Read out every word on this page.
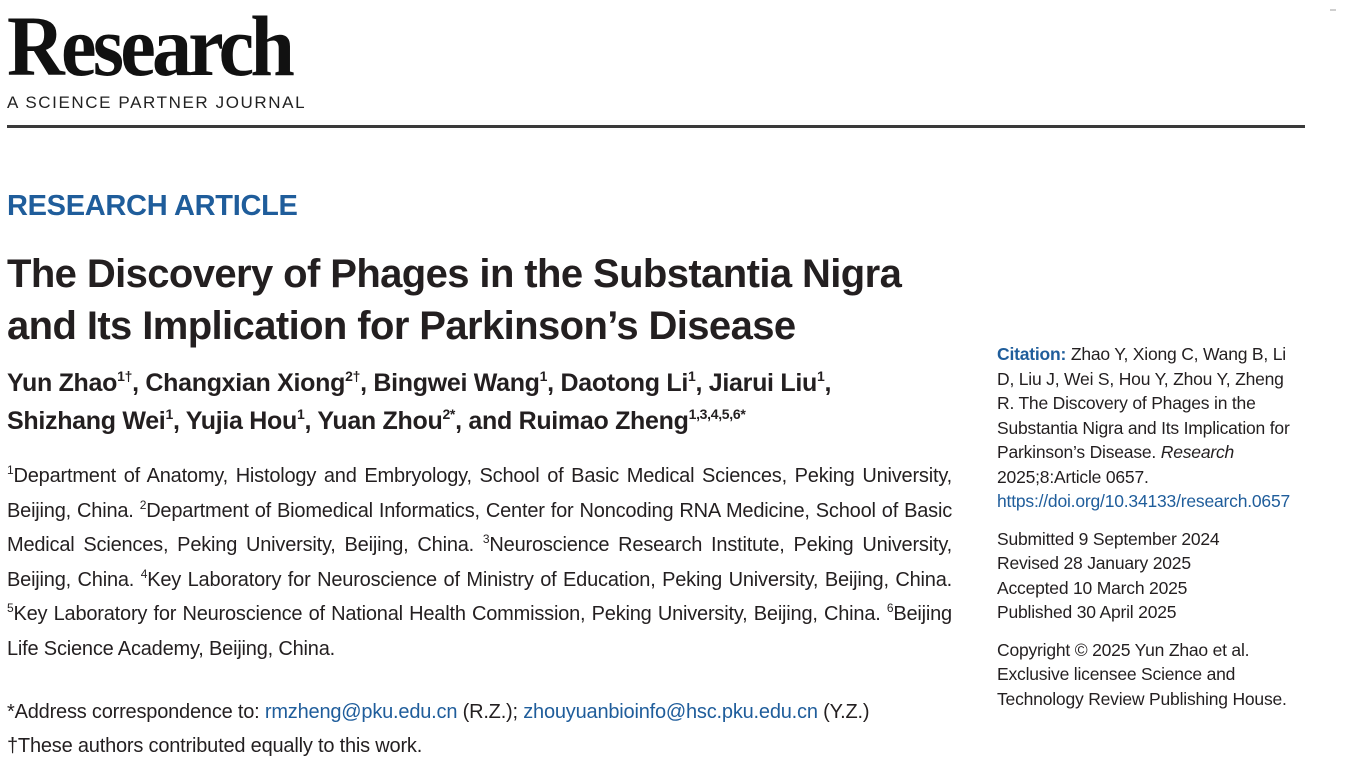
Research
A SCIENCE PARTNER JOURNAL
RESEARCH ARTICLE
The Discovery of Phages in the Substantia Nigra and Its Implication for Parkinson’s Disease
Yun Zhao$^{1\dagger}$, Changxian Xiong$^{2\dagger}$, Bingwei Wang$^1$, Daotong Li$^1$, Jiarui Liu$^1$,
Shizhang Wei$^1$, Yujia Hou$^1$, Yuan Zhou$^{2*}$, and Ruimao Zheng$^{1,3,4,5,6*}$
$^1$Department of Anatomy, Histology and Embryology, School of Basic Medical Sciences, Peking University, Beijing, China. $^2$Department of Biomedical Informatics, Center for Noncoding RNA Medicine, School of Basic Medical Sciences, Peking University, Beijing, China. $^3$Neuroscience Research Institute, Peking University, Beijing, China. $^4$Key Laboratory for Neuroscience of Ministry of Education, Peking University, Beijing, China. $^5$Key Laboratory for Neuroscience of National Health Commission, Peking University, Beijing, China. $^6$Beijing Life Science Academy, Beijing, China.
*Address correspondence to: rmzheng@pku.edu.cn (R.Z.); zhouyuanbioinfo@hsc.pku.edu.cn (Y.Z.)
†These authors contributed equally to this work.
Citation: Zhao Y, Xiong C, Wang B, Li D, Liu J, Wei S, Hou Y, Zhou Y, Zheng R. The Discovery of Phages in the Substantia Nigra and Its Implication for Parkinson’s Disease. Research 2025;8:Article 0657. https://doi.org/10.34133/research.0657
Submitted 9 September 2024
Revised 28 January 2025
Accepted 10 March 2025
Published 30 April 2025
Copyright © 2025 Yun Zhao et al. Exclusive licensee Science and Technology Review Publishing House.
